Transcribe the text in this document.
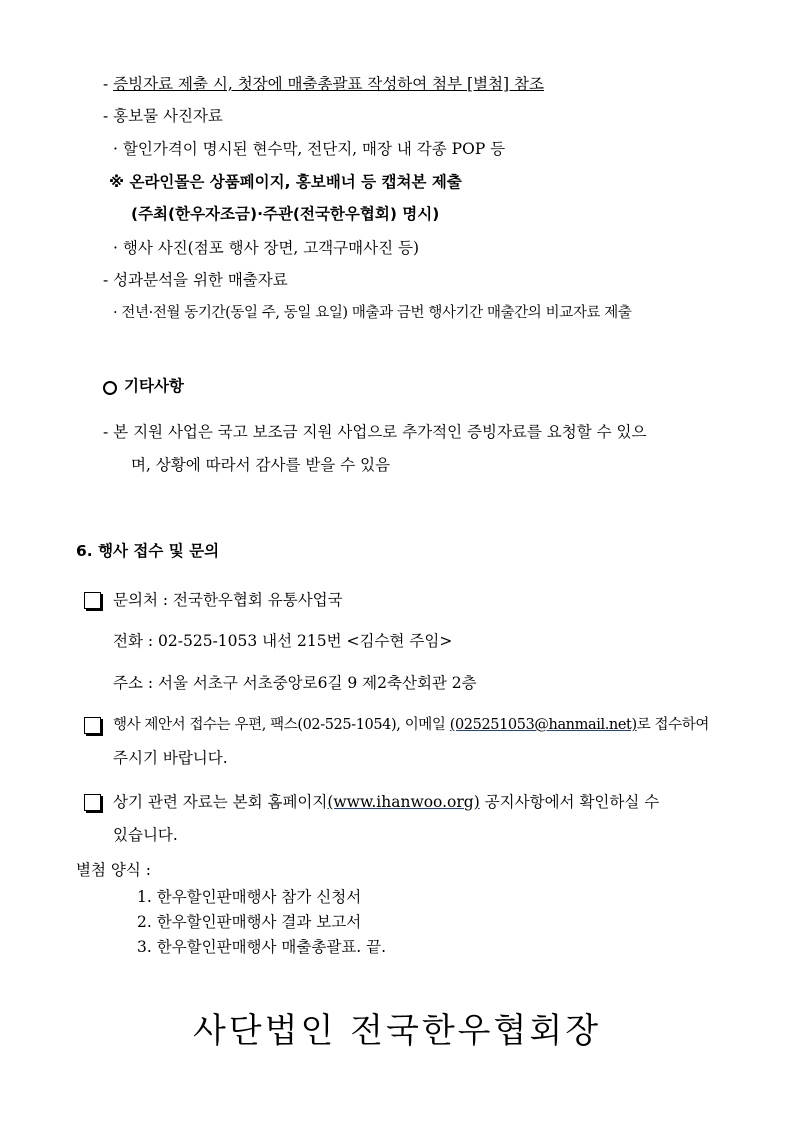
- 증빙자료 제출 시, 첫장에 매출총괄표 작성하여 첨부 [별첨] 참조
- 홍보물 사진자료
· 할인가격이 명시된 현수막, 전단지, 매장 내 각종 POP 등
※ 온라인몰은 상품페이지, 홍보배너 등 캡쳐본 제출
(주최(한우자조금)·주관(전국한우협회) 명시)
· 행사 사진(점포 행사 장면, 고객구매사진 등)
- 성과분석을 위한 매출자료
· 전년·전월 동기간(동일 주, 동일 요일) 매출과 금번 행사기간 매출간의 비교자료 제출
기타사항
- 본 지원 사업은 국고 보조금 지원 사업으로 추가적인 증빙자료를 요청할 수 있으
며, 상황에 따라서 감사를 받을 수 있음
6. 행사 접수 및 문의
문의처 : 전국한우협회 유통사업국
전화 : 02-525-1053 내선 215번 <김수현 주임>
주소 : 서울 서초구 서초중앙로6길 9 제2축산회관 2층
행사 제안서 접수는 우편, 팩스(02-525-1054), 이메일 (025251053@hanmail.net)로 접수하여
주시기 바랍니다.
상기 관련 자료는 본회 홈페이지(www.ihanwoo.org) 공지사항에서 확인하실 수
있습니다.
별첨 양식 :
1. 한우할인판매행사 참가 신청서
2. 한우할인판매행사 결과 보고서
3. 한우할인판매행사 매출총괄표. 끝.
사단법인 전국한우협회장
